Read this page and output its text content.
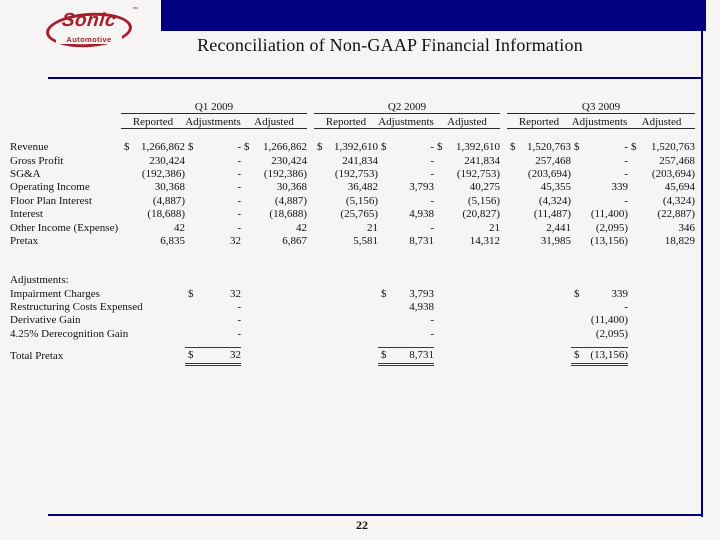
Sonic
Automotive
™
Reconciliation of Non-GAAP Financial Information
	Q1 2009				Q2 2009				Q3 2009		
	Reported	Adjustments	Adjusted		Reported	Adjustments	Adjusted		Reported	Adjustments	Adjusted

Revenue	$ 1,266,862	$ -	$ 1,266,862		$ 1,392,610	$ -	$ 1,392,610		$ 1,520,763	$ -	$ 1,520,763
Gross Profit	230,424	-	230,424		241,834	-	241,834		257,468	-	257,468
SG&A	(192,386)	-	(192,386)		(192,753)	-	(192,753)		(203,694)	-	(203,694)
Operating Income	30,368	-	30,368		36,482	3,793	40,275		45,355	339	45,694
Floor Plan Interest	(4,887)	-	(4,887)		(5,156)	-	(5,156)		(4,324)	-	(4,324)
Interest	(18,688)	-	(18,688)		(25,765)	4,938	(20,827)		(11,487)	(11,400)	(22,887)
Other Income (Expense)	42	-	42		21	-	21		2,441	(2,095)	346
Pretax	6,835	32	6,867		5,581	8,731	14,312		31,985	(13,156)	18,829

Adjustments:											
Impairment Charges		$ 32				$ 3,793				$ 339	
Restructuring Costs Expensed		-				4,938				-	
Derivative Gain		-				-				(11,400)	
4.25% Derecognition Gain		-				-				(2,095)	

Total Pretax		$ 32				$ 8,731				$ (13,156)	
22
